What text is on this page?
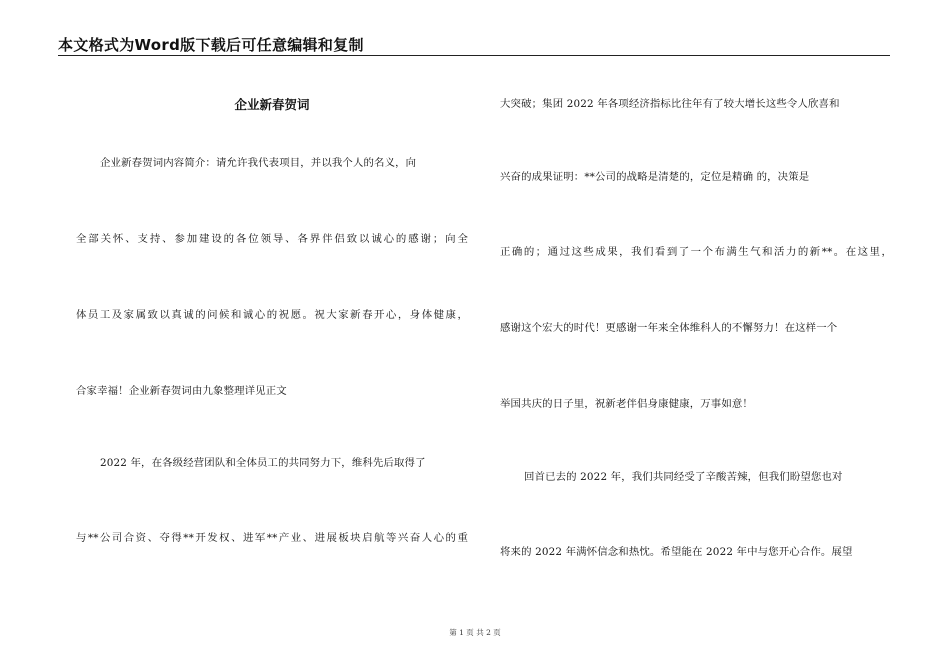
本文格式为Word版下载后可任意编辑和复制
企业新春贺词
企业新春贺词内容简介：请允许我代表项目，并以我个人的名义，向
全部关怀、支持、参加建设的各位领导、各界伴侣致以诚心的感谢；向全
体员工及家属致以真诚的问候和诚心的祝愿。祝大家新春开心，身体健康，
合家幸福！企业新春贺词由九象整理详见正文
2022 年，在各级经营团队和全体员工的共同努力下，维科先后取得了
与**公司合资、夺得**开发权、进军**产业、进展板块启航等兴奋人心的重
大突破；集团 2022 年各项经济指标比往年有了较大增长这些令人欣喜和
兴奋的成果证明：**公司的战略是清楚的，定位是精确 的，决策是
正确的；通过这些成果，我们看到了一个布满生气和活力的新**。在这里，
感谢这个宏大的时代！更感谢一年来全体维科人的不懈努力！在这样一个
举国共庆的日子里，祝新老伴侣身康健康，万事如意！
回首已去的 2022 年，我们共同经受了辛酸苦辣，但我们盼望您也对
将来的 2022 年满怀信念和热忱。希望能在 2022 年中与您开心合作。展望
第 1 页 共 2 页
